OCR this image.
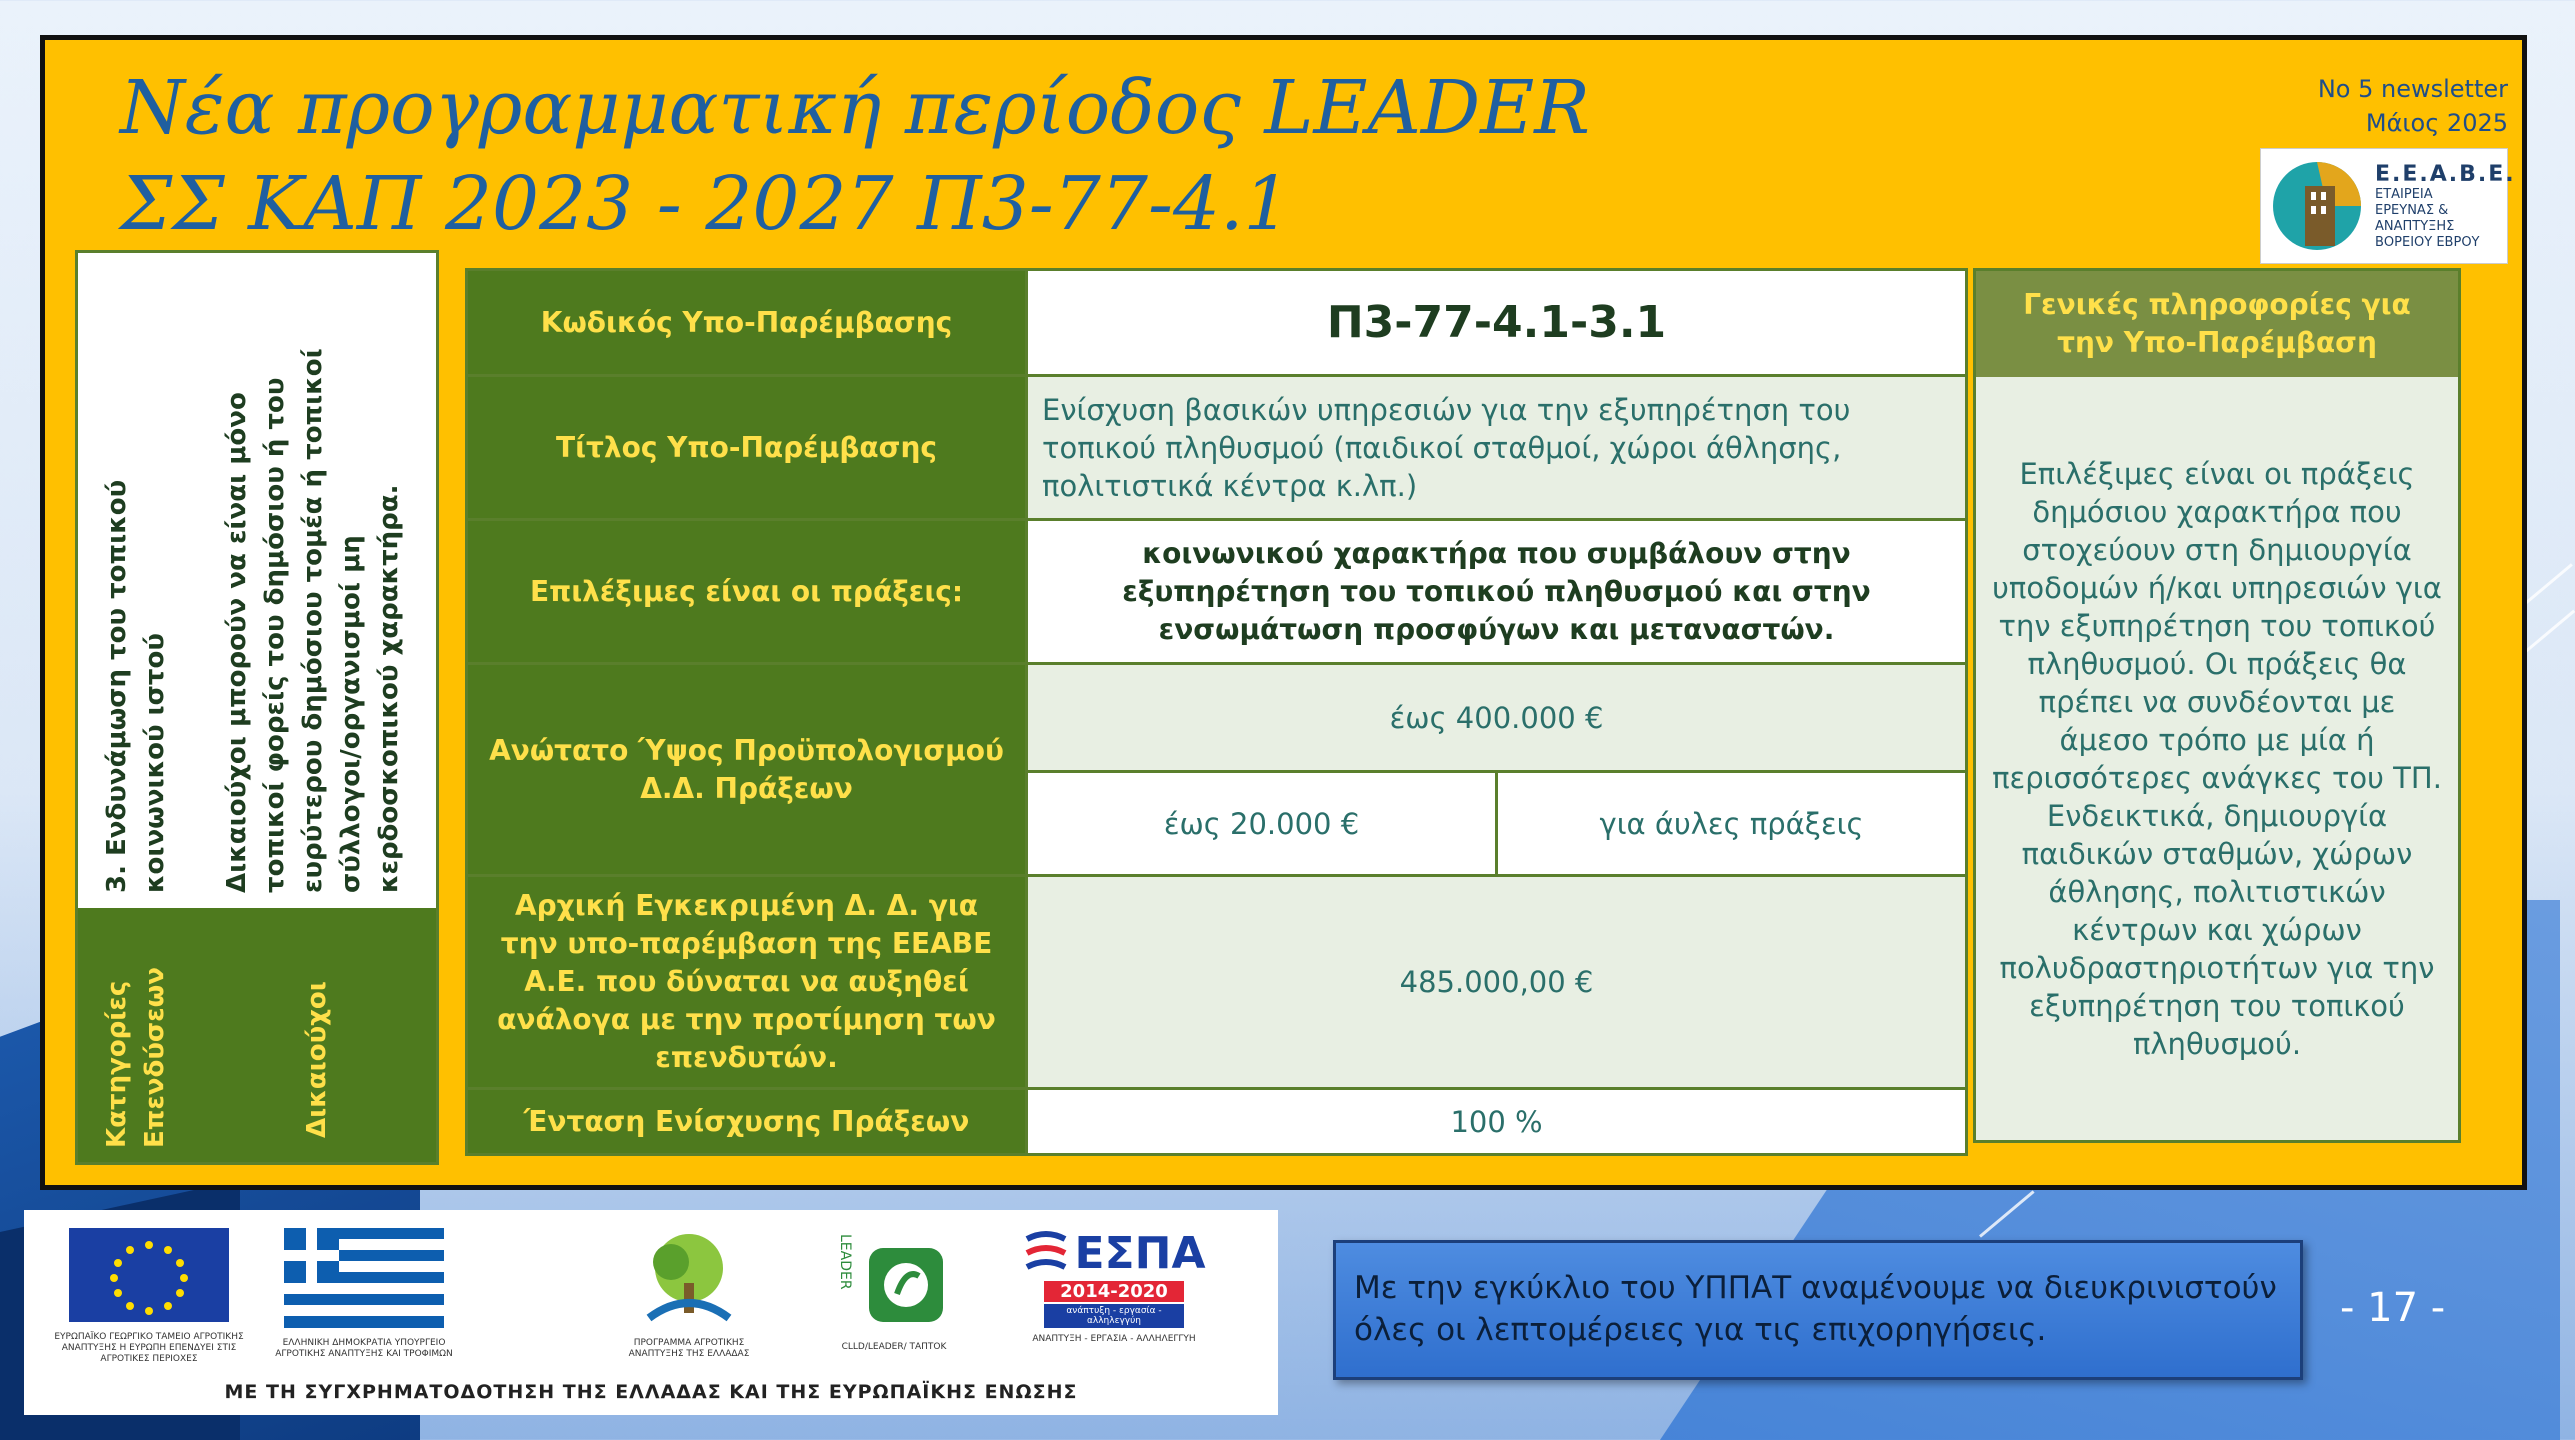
Νέα προγραμματική περίοδος LEADER
ΣΣ ΚΑΠ 2023 - 2027 Π3-77-4.1
Νο 5 newsletter
Μάιος 2025
Ε.Ε.Α.Β.Ε.
ΕΤΑΙΡΕΙΑ
ΕΡΕΥΝΑΣ &
ΑΝΑΠΤΥΞΗΣ
ΒΟΡΕΙΟΥ ΕΒΡΟΥ
3. Ενδυνάμωση του τοπικού κοινωνικού ιστού	Δικαιούχοι μπορούν να είναι μόνο τοπικοί φορείς του δημόσιου ή του ευρύτερου δημόσιου τομέα ή τοπικοί σύλλογοι/οργανισμοί μη κερδοσκοπικού χαρακτήρα.
Κατηγορίες Επενδύσεων	Δικαιούχοι
Κωδικός Υπο-Παρέμβασης	Π3-77-4.1-3.1	
Τίτλος Υπο-Παρέμβασης	Ενίσχυση βασικών υπηρεσιών για την εξυπηρέτηση του τοπικού πληθυσμού (παιδικοί σταθμοί, χώροι άθλησης, πολιτιστικά κέντρα κ.λπ.)	
Επιλέξιμες είναι οι πράξεις:	κοινωνικού χαρακτήρα που συμβάλουν στην εξυπηρέτηση του τοπικού πληθυσμού και στην ενσωμάτωση προσφύγων και μεταναστών.	
Ανώτατο Ύψος Προϋπολογισμού Δ.Δ. Πράξεων	έως 400.000 €	
	έως 20.000 €	για άυλες πράξεις
Αρχική Εγκεκριμένη Δ. Δ. για την υπο-παρέμβαση της ΕΕΑΒΕ Α.Ε. που δύναται να αυξηθεί ανάλογα με την προτίμηση των επενδυτών.	485.000,00 €	
Ένταση Ενίσχυσης Πράξεων	100 %	
Γενικές πληροφορίες για την Υπο-Παρέμβαση
Επιλέξιμες είναι οι πράξεις δημόσιου χαρακτήρα που στοχεύουν στη δημιουργία υποδομών ή/και υπηρεσιών για την εξυπηρέτηση του τοπικού πληθυσμού. Οι πράξεις θα πρέπει να συνδέονται με άμεσο τρόπο με μία ή περισσότερες ανάγκες του ΤΠ. Ενδεικτικά, δημιουργία παιδικών σταθμών, χώρων άθλησης, πολιτιστικών κέντρων και χώρων πολυδραστηριοτήτων για την εξυπηρέτηση του τοπικού πληθυσμού.
ΕΥΡΩΠΑΪΚΟ ΓΕΩΡΓΙΚΟ ΤΑΜΕΙΟ ΑΓΡΟΤΙΚΗΣ ΑΝΑΠΤΥΞΗΣ Η ΕΥΡΩΠΗ ΕΠΕΝΔΥΕΙ ΣΤΙΣ ΑΓΡΟΤΙΚΕΣ ΠΕΡΙΟΧΕΣ
ΕΛΛΗΝΙΚΗ ΔΗΜΟΚΡΑΤΙΑ ΥΠΟΥΡΓΕΙΟ ΑΓΡΟΤΙΚΗΣ ΑΝΑΠΤΥΞΗΣ ΚΑΙ ΤΡΟΦΙΜΩΝ
ΠΡΟΓΡΑΜΜΑ ΑΓΡΟΤΙΚΗΣ ΑΝΑΠΤΥΞΗΣ ΤΗΣ ΕΛΛΑΔΑΣ
LEADER
CLLD/LEADER/ ΤΑΠΤΟΚ
ΕΣΠΑ
2014-2020
ανάπτυξη - εργασία - αλληλεγγύη
ΑΝΑΠΤΥΞΗ - ΕΡΓΑΣΙΑ - ΑΛΛΗΛΕΓΓΥΗ
ΜΕ ΤΗ ΣΥΓΧΡΗΜΑΤΟΔΟΤΗΣΗ ΤΗΣ ΕΛΛΑΔΑΣ ΚΑΙ ΤΗΣ ΕΥΡΩΠΑΪΚΗΣ ΕΝΩΣΗΣ
Με την εγκύκλιο του ΥΠΠΑΤ αναμένουμε να διευκρινιστούν όλες οι λεπτομέρειες για τις επιχορηγήσεις.	- 17 -
